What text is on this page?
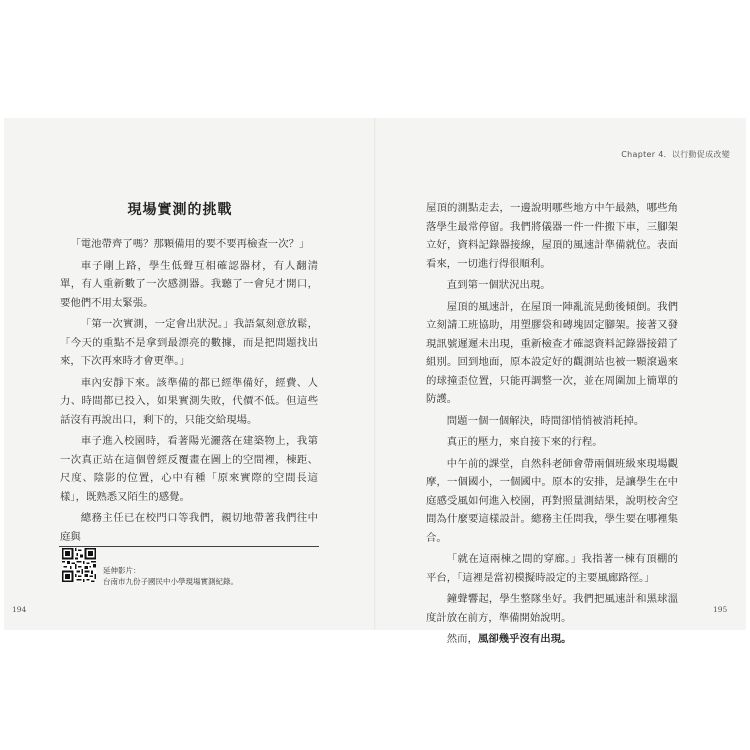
Chapter 4．以行動促成改變
現場實測的挑戰

「電池帶齊了嗎？那顆備用的要不要再檢查一次？」

車子剛上路，學生低聲互相確認器材，有人翻清單，有人重新數了一次感測器。我聽了一會兒才開口，要他們不用太緊張。

「第一次實測，一定會出狀況。」我語氣刻意放鬆，「今天的重點不是拿到最漂亮的數據，而是把問題找出來，下次再來時才會更準。」

車內安靜下來。該準備的都已經準備好，經費、人力、時間都已投入，如果實測失敗，代價不低。但這些話沒有再說出口，剩下的，只能交給現場。

車子進入校園時，看著陽光灑落在建築物上，我第一次真正站在這個曾經反覆畫在圖上的空間裡，棟距、尺度、陰影的位置，心中有種「原來實際的空間長這樣」，既熟悉又陌生的感覺。

總務主任已在校門口等我們，親切地帶著我們往中庭與

延伸影片：
台南市九份子國民中小學現場實測紀錄。
194

屋頂的測點走去，一邊說明哪些地方中午最熱，哪些角落學生最常停留。我們將儀器一件一件搬下車，三腳架立好，資料記錄器接線，屋頂的風速計準備就位。表面看來，一切進行得很順利。

直到第一個狀況出現。

屋頂的風速計，在屋頂一陣亂流晃動後傾倒。我們立刻請工班協助，用塑膠袋和磚塊固定腳架。接著又發現訊號遲遲未出現，重新檢查才確認資料記錄器接錯了組別。回到地面，原本設定好的觀測站也被一顆滾過來的球撞歪位置，只能再調整一次，並在周圍加上簡單的防護。

問題一個一個解決，時間卻悄悄被消耗掉。

真正的壓力，來自接下來的行程。

中午前的課堂，自然科老師會帶兩個班級來現場觀摩，一個國小，一個國中。原本的安排，是讓學生在中庭感受風如何進入校園，再對照量測結果，說明校舍空間為什麼要這樣設計。總務主任問我，學生要在哪裡集合。

「就在這兩棟之間的穿廊。」我指著一棟有頂棚的平台，「這裡是當初模擬時設定的主要風廊路徑。」

鐘聲響起，學生整隊坐好。我們把風速計和黑球溫度計放在前方，準備開始說明。

然而，風卻幾乎沒有出現。

195
